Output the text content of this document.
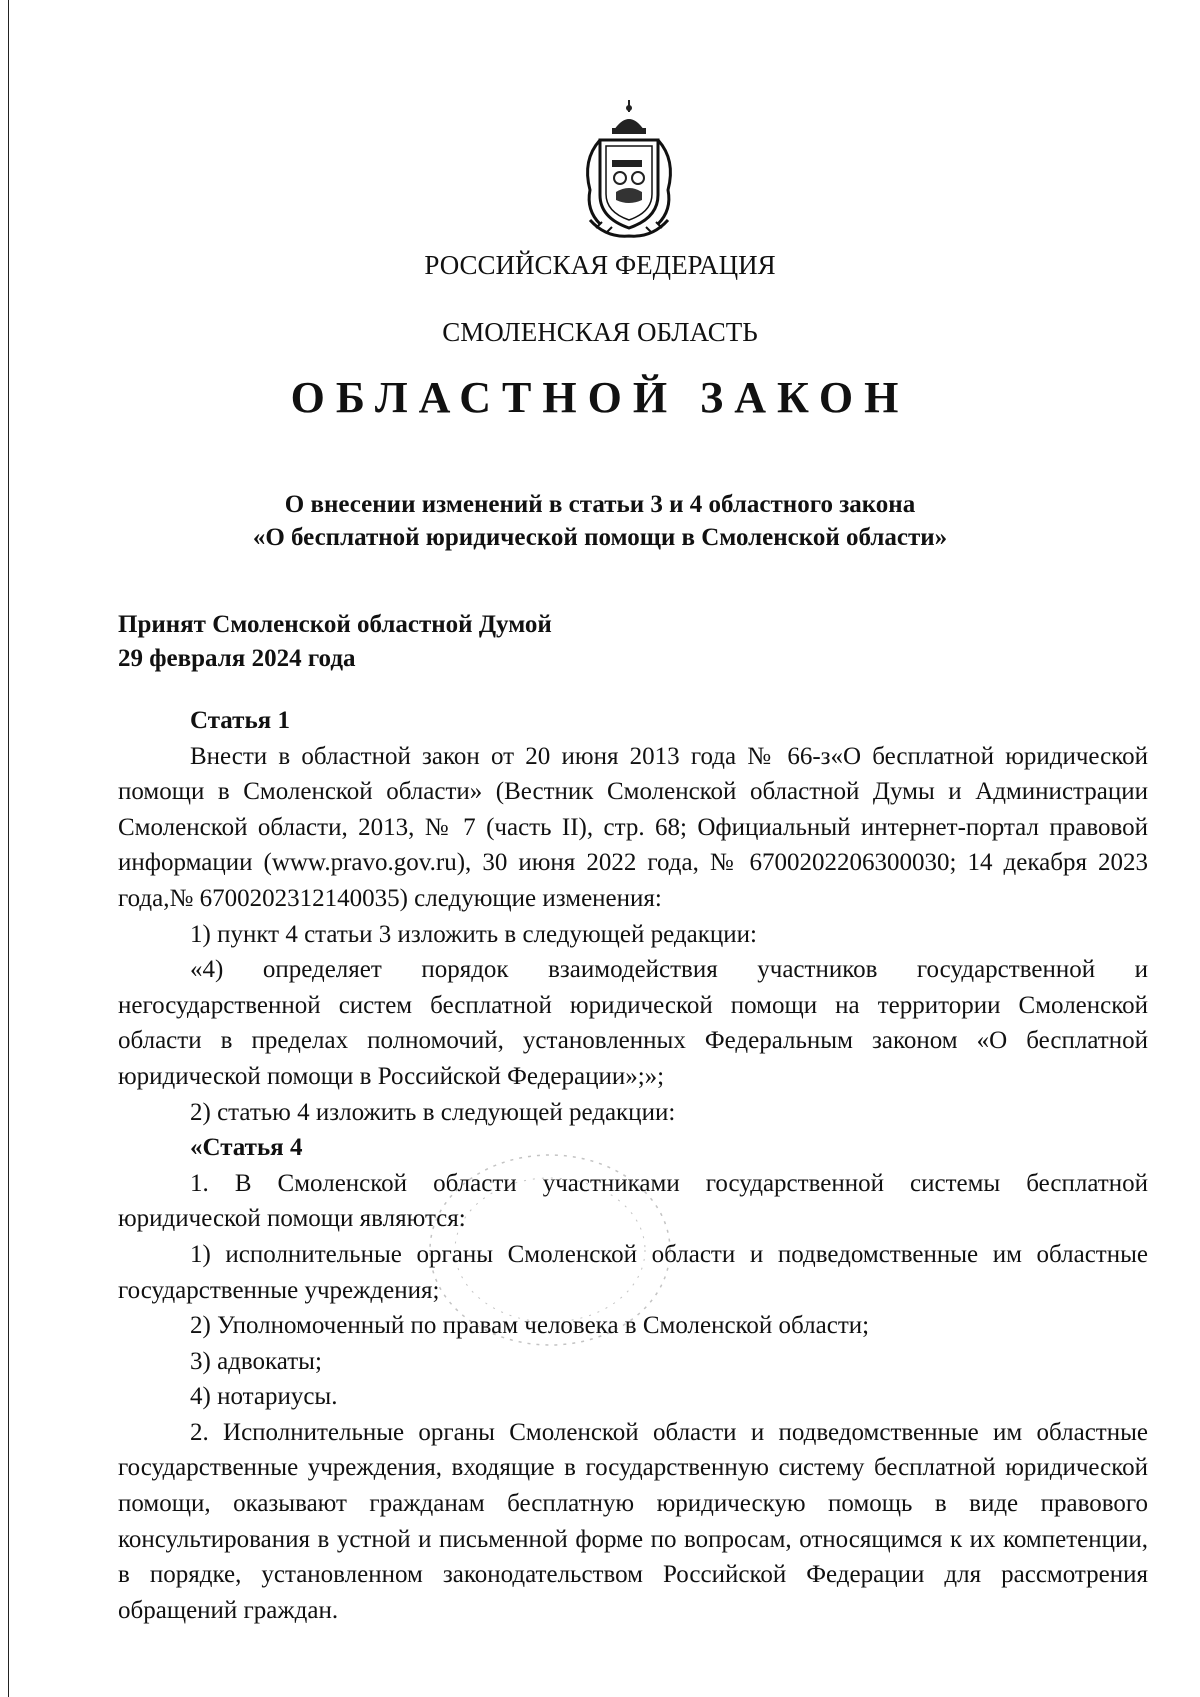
РОССИЙСКАЯ ФЕДЕРАЦИЯ
СМОЛЕНСКАЯ ОБЛАСТЬ
ОБЛАСТНОЙ ЗАКОН
О внесении изменений в статьи 3 и 4 областного закона
«О бесплатной юридической помощи в Смоленской области»
Принят Смоленской областной Думой
29 февраля 2024 года

Статья 1

Внести в областной закон от 20 июня 2013 года № 66-з«О бесплатной юридической помощи в Смоленской области» (Вестник Смоленской областной Думы и Администрации Смоленской области, 2013, № 7 (часть II), стр. 68; Официальный интернет-портал правовой информации (www.pravo.gov.ru), 30 июня 2022 года, № 6700202206300030; 14 декабря 2023 года,№ 6700202312140035) следующие изменения:

1) пункт 4 статьи 3 изложить в следующей редакции:

«4) определяет порядок взаимодействия участников государственной и негосударственной систем бесплатной юридической помощи на территории Смоленской области в пределах полномочий, установленных Федеральным законом «О бесплатной юридической помощи в Российской Федерации»;»;

2) статью 4 изложить в следующей редакции:

«Статья 4

1. В Смоленской области участниками государственной системы бесплатной юридической помощи являются:

1) исполнительные органы Смоленской области и подведомственные им областные государственные учреждения;

2) Уполномоченный по правам человека в Смоленской области;

3) адвокаты;

4) нотариусы.

2. Исполнительные органы Смоленской области и подведомственные им областные государственные учреждения, входящие в государственную систему бесплатной юридической помощи, оказывают гражданам бесплатную юридическую помощь в виде правового консультирования в устной и письменной форме по вопросам, относящимся к их компетенции, в порядке, установленном законодательством Российской Федерации для рассмотрения обращений граждан.
